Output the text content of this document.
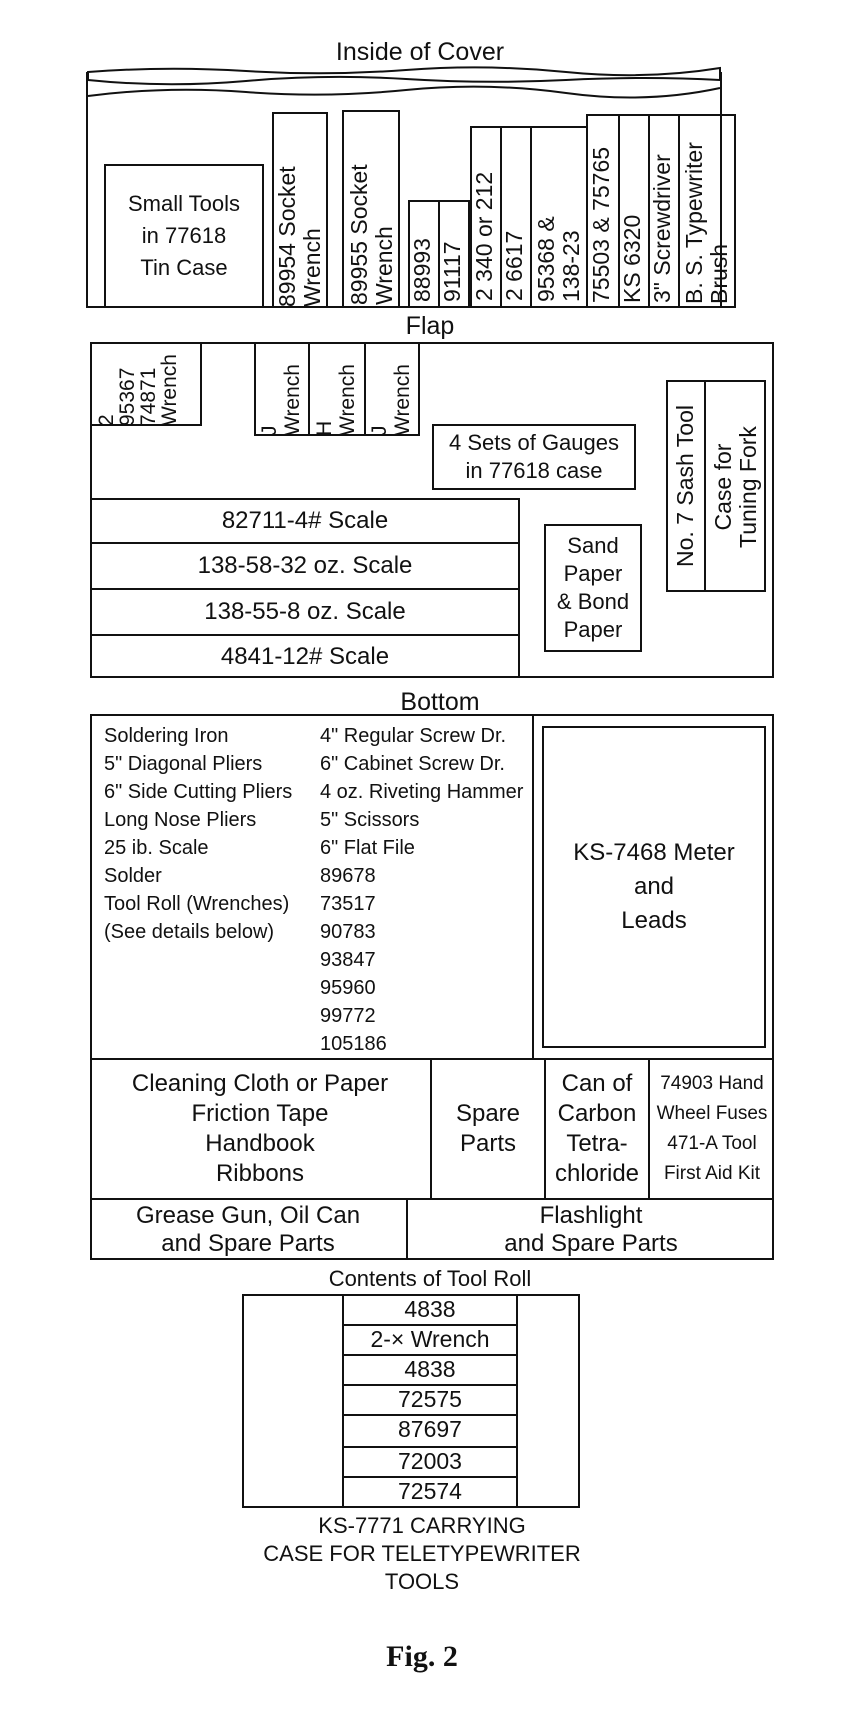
Inside of Cover
Small Tools
in 77618
Tin Case	89954 Socket Wrench 89955 Socket Wrench 88993 91117 2 340 or 212 2 6617 95368 & 138-23 75503 & 75765 KS 6320 3" Screwdriver B. S. Typewriter Brush
Flap
2
95367
74871
Wrench
J Wrench H Wrench J Wrench
4 Sets of Gauges
in 77618 case	No. 7 Sash Tool Case for Tuning Fork
82711-4# Scale
138-58-32 oz. Scale
138-55-8 oz. Scale
4841-12# Scale
Sand
Paper
& Bond
Paper
Bottom
Soldering Iron
5" Diagonal Pliers
6" Side Cutting Pliers
Long Nose Pliers
25 ib. Scale
Solder
Tool Roll (Wrenches)
(See details below)
4" Regular Screw Dr.
6" Cabinet Screw Dr.
4 oz. Riveting Hammer
5" Scissors
6" Flat File
89678
73517
90783
93847
95960
99772
105186
KS-7468 Meter
and
Leads
Cleaning Cloth or Paper
Friction Tape
Handbook
Ribbons
Spare
Parts
Can of
Carbon
Tetra-
chloride
74903 Hand
Wheel Fuses
471-A Tool
First Aid Kit
Grease Gun, Oil Can
and Spare Parts
Flashlight
and Spare Parts
Contents of Tool Roll
4838
2-× Wrench
4838
72575
87697
72003
72574
KS-7771 CARRYING
CASE FOR TELETYPEWRITER
TOOLS
Fig. 2
